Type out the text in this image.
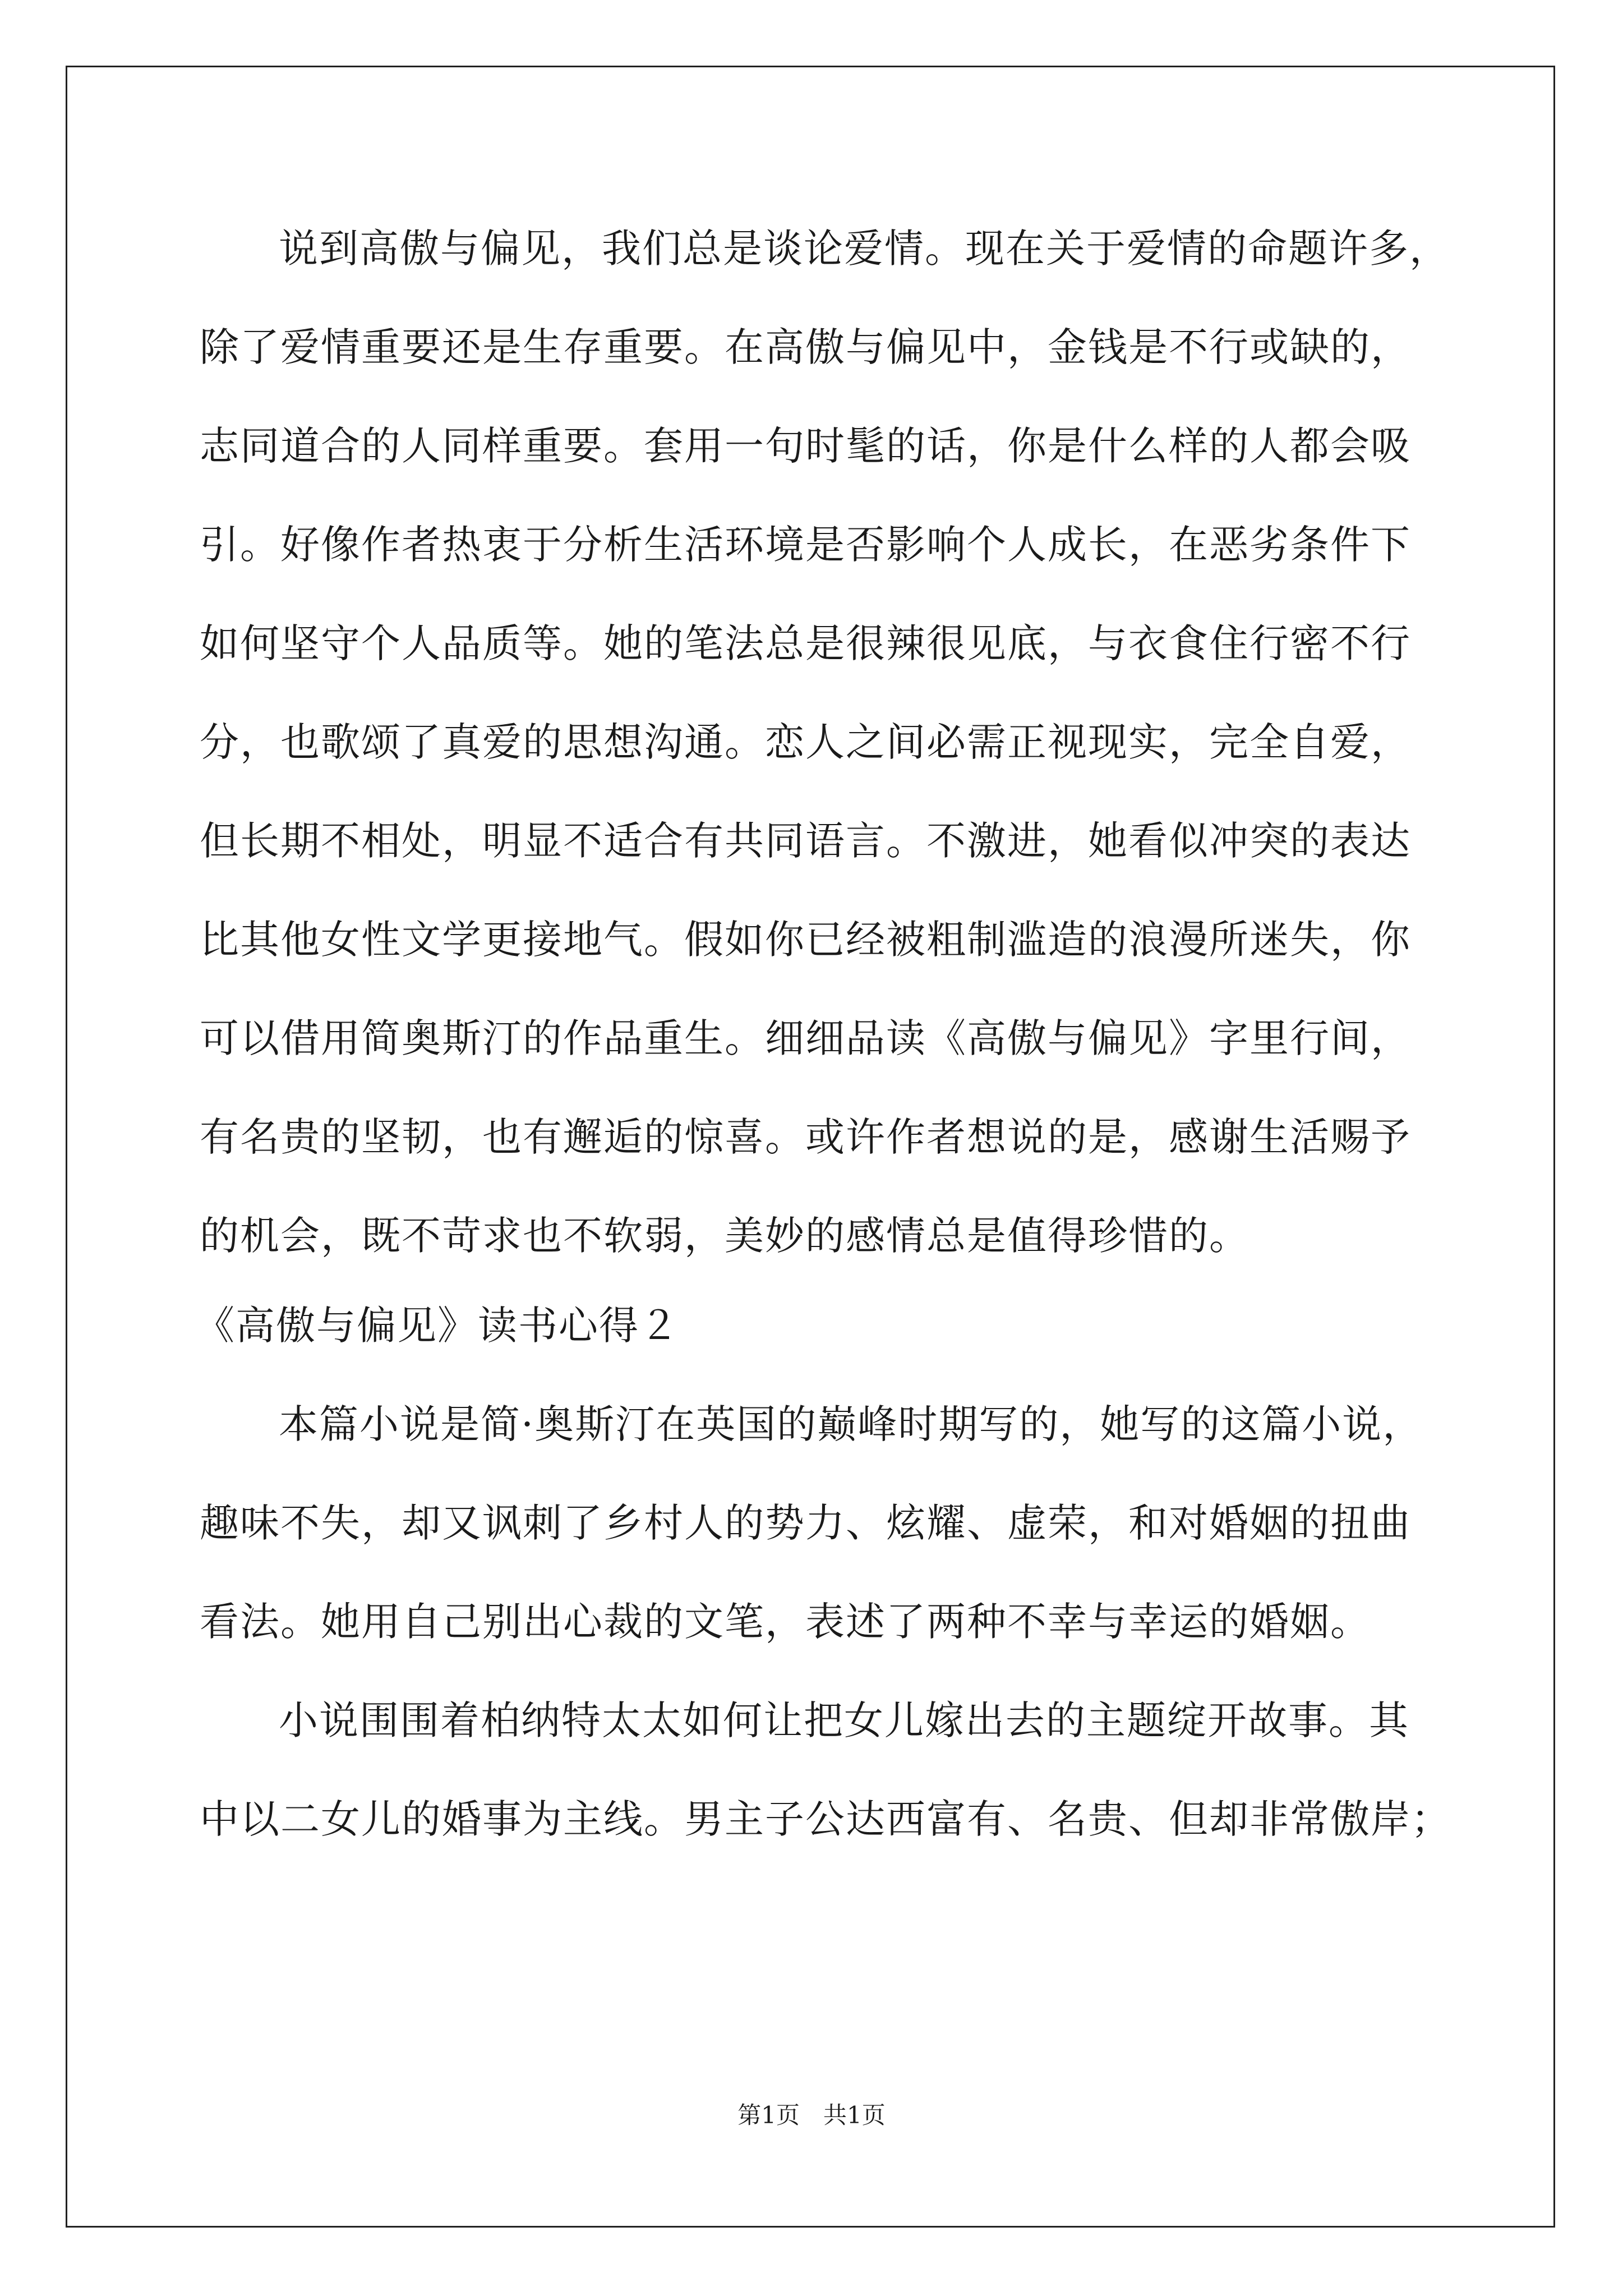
说到高傲与偏见，我们总是谈论爱情。现在关于爱情的命题许多，
除了爱情重要还是生存重要。在高傲与偏见中，金钱是不行或缺的，
志同道合的人同样重要。套用一句时髦的话，你是什么样的人都会吸
引。好像作者热衷于分析生活环境是否影响个人成长，在恶劣条件下
如何坚守个人品质等。她的笔法总是很辣很见底，与衣食住行密不行
分，也歌颂了真爱的思想沟通。恋人之间必需正视现实，完全自爱，
但长期不相处，明显不适合有共同语言。不激进，她看似冲突的表达
比其他女性文学更接地气。假如你已经被粗制滥造的浪漫所迷失，你
可以借用简奥斯汀的作品重生。细细品读《高傲与偏见》字里行间，
有名贵的坚韧，也有邂逅的惊喜。或许作者想说的是，感谢生活赐予
的机会，既不苛求也不软弱，美妙的感情总是值得珍惜的。
《高傲与偏见》读书心得２
本篇小说是简·奥斯汀在英国的巅峰时期写的，她写的这篇小说，
趣味不失，却又讽刺了乡村人的势力、炫耀、虚荣，和对婚姻的扭曲
看法。她用自己别出心裁的文笔，表述了两种不幸与幸运的婚姻。
小说围围着柏纳特太太如何让把女儿嫁出去的主题绽开故事。其
中以二女儿的婚事为主线。男主子公达西富有、名贵、但却非常傲岸；
第1页　共1页
